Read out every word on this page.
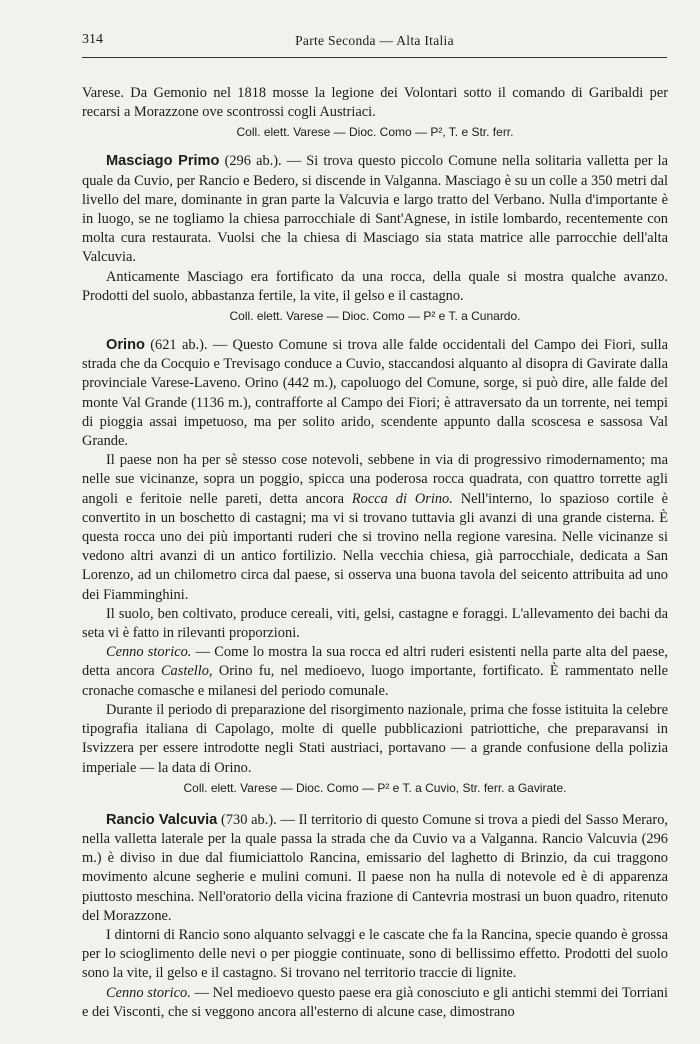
314	Parte Seconda — Alta Italia

Varese. Da Gemonio nel 1818 mosse la legione dei Volontari sotto il comando di Garibaldi per recarsi a Morazzone ove scontrossi cogli Austriaci.

Coll. elett. Varese — Dioc. Como — P², T. e Str. ferr.

Masciago Primo (296 ab.). — Si trova questo piccolo Comune nella solitaria valletta per la quale da Cuvio, per Rancio e Bedero, si discende in Valganna. Masciago è su un colle a 350 metri dal livello del mare, dominante in gran parte la Valcuvia e largo tratto del Verbano. Nulla d'importante è in luogo, se ne togliamo la chiesa parrocchiale di Sant'Agnese, in istile lombardo, recentemente con molta cura restaurata. Vuolsi che la chiesa di Masciago sia stata matrice alle parrocchie dell'alta Valcuvia.

Anticamente Masciago era fortificato da una rocca, della quale si mostra qualche avanzo. Prodotti del suolo, abbastanza fertile, la vite, il gelso e il castagno.

Coll. elett. Varese — Dioc. Como — P² e T. a Cunardo.

Orino (621 ab.). — Questo Comune si trova alle falde occidentali del Campo dei Fiori, sulla strada che da Cocquio e Trevisago conduce a Cuvio, staccandosi alquanto al disopra di Gavirate dalla provinciale Varese-Laveno. Orino (442 m.), capoluogo del Comune, sorge, si può dire, alle falde del monte Val Grande (1136 m.), contrafforte al Campo dei Fiori; è attraversato da un torrente, nei tempi di pioggia assai impetuoso, ma per solito arido, scendente appunto dalla scoscesa e sassosa Val Grande.

Il paese non ha per sè stesso cose notevoli, sebbene in via di progressivo rimodernamento; ma nelle sue vicinanze, sopra un poggio, spicca una poderosa rocca quadrata, con quattro torrette agli angoli e feritoie nelle pareti, detta ancora Rocca di Orino. Nell'interno, lo spazioso cortile è convertito in un boschetto di castagni; ma vi si trovano tuttavia gli avanzi di una grande cisterna. È questa rocca uno dei più importanti ruderi che si trovino nella regione varesina. Nelle vicinanze si vedono altri avanzi di un antico fortilizio. Nella vecchia chiesa, già parrocchiale, dedicata a San Lorenzo, ad un chilometro circa dal paese, si osserva una buona tavola del seicento attribuita ad uno dei Fiamminghini.

Il suolo, ben coltivato, produce cereali, viti, gelsi, castagne e foraggi. L'allevamento dei bachi da seta vi è fatto in rilevanti proporzioni.

Cenno storico. — Come lo mostra la sua rocca ed altri ruderi esistenti nella parte alta del paese, detta ancora Castello, Orino fu, nel medioevo, luogo importante, fortificato. È rammentato nelle cronache comasche e milanesi del periodo comunale.

Durante il periodo di preparazione del risorgimento nazionale, prima che fosse istituita la celebre tipografia italiana di Capolago, molte di quelle pubblicazioni patriottiche, che preparavansi in Isvizzera per essere introdotte negli Stati austriaci, portavano — a grande confusione della polizia imperiale — la data di Orino.

Coll. elett. Varese — Dioc. Como — P² e T. a Cuvio, Str. ferr. a Gavirate.

Rancio Valcuvia (730 ab.). — Il territorio di questo Comune si trova a piedi del Sasso Meraro, nella valletta laterale per la quale passa la strada che da Cuvio va a Valganna. Rancio Valcuvia (296 m.) è diviso in due dal fiumiciattolo Rancina, emissario del laghetto di Brinzio, da cui traggono movimento alcune segherie e mulini comuni. Il paese non ha nulla di notevole ed è di apparenza piuttosto meschina. Nell'oratorio della vicina frazione di Cantevria mostrasi un buon quadro, ritenuto del Morazzone.

I dintorni di Rancio sono alquanto selvaggi e le cascate che fa la Rancina, specie quando è grossa per lo scioglimento delle nevi o per pioggie continuate, sono di bellissimo effetto. Prodotti del suolo sono la vite, il gelso e il castagno. Si trovano nel territorio traccie di lignite.

Cenno storico. — Nel medioevo questo paese era già conosciuto e gli antichi stemmi dei Torriani e dei Visconti, che si veggono ancora all'esterno di alcune case, dimostrano
